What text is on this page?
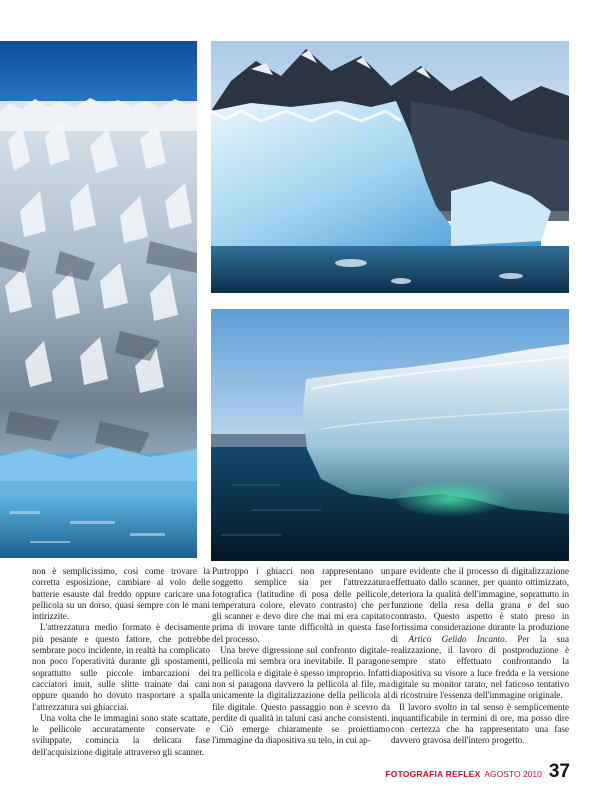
non è semplicissimo, così come trovare la corretta esposizione, cambiare al volo delle batterie esauste dal freddo oppure caricare una pellicola su un dorso, quasi sempre con le mani intirizzite.

L'attrezzatura medio formato è decisamente più pesante e questo fattore, che potrebbe sembrare poco incidente, in realtà ha complicato non poco l'operatività durante gli spostamenti, soprattutto sulle piccole imbarcazioni dei cacciatori inuit, sulle slitte trainate dai cani oppure quando ho dovuto trasportare a spalla l'attrezzatura sui ghiacciai.

Una volta che le immagini sono state scattate, le pellicole accuratamente conservate e sviluppate, comincia la delicata fase dell'acquisizione digitale attraverso gli scanner.

Purtroppo i ghiacci non rappresentano un soggetto semplice sia per l'attrezzatura fotografica (latitudine di posa delle pellicole, temperatura colore, elevato contrasto) che per gli scanner e devo dire che mai mi era capitato prima di trovare tante difficoltà in questa fase del processo.

Una breve digressione sul confronto digitale-pellicola mi sembra ora inevitabile. Il paragone tra pellicola e digitale è spesso improprio. Infatti non si paragona davvero la pellicola al file, ma unicamente la digitalizzazione della pellicola al file digitale. Questo passaggio non è scevro da perdite di qualità in taluni casi anche consistenti.

Ciò emerge chiaramente se proiettiamo l'immagine da diapositiva su telo, in cui ap-

pare evidente che il processo di digitalizzazione effettuato dallo scanner, per quanto ottimizzato, deteriora la qualità dell'immagine, soprattutto in funzione della resa della grana e del suo contrasto. Questo aspetto è stato preso in fortissima considerazione durante la produzione di Artico Gelido Incanto. Per la sua realizzazione, il lavoro di postproduzione è sempre stato effettuato confrontando la diapositiva su visore a luce fredda e la versione digitale su monitor tarato, nel faticoso tentativo di ricostruire l'essenza dell'immagine originale.

Il lavoro svolto in tal senso è semplicemente inquantificabile in termini di ore, ma posso dire con certezza che ha rappresentato una fase davvero gravosa dell'intero progetto.

FOTOGRAFIA REFLEX AGOSTO 2010 37
